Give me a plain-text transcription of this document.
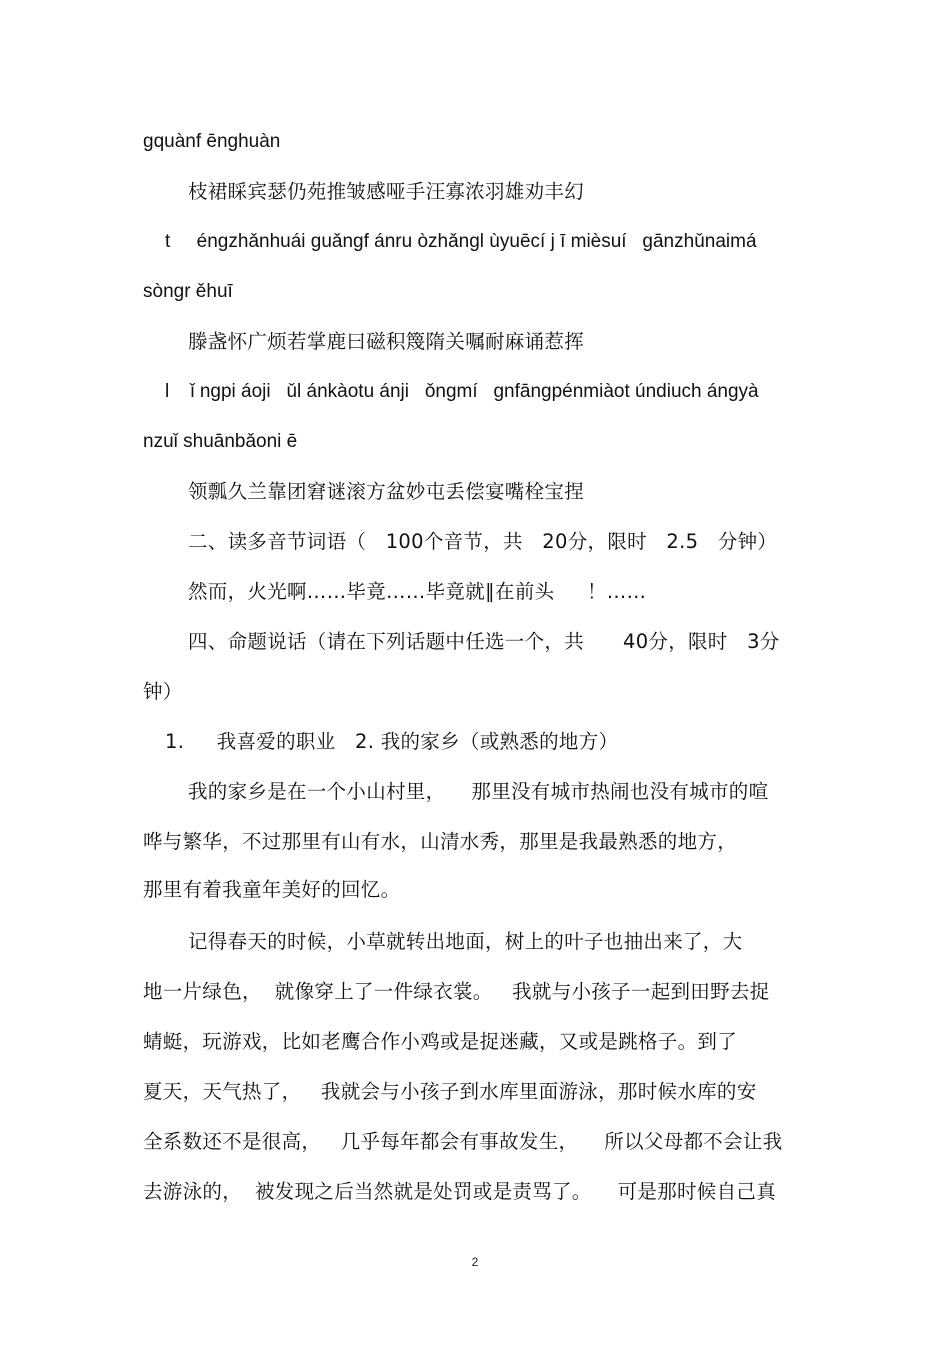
gquànf ēnghuàn
枝裙睬宾瑟仍苑推皱感哑手汪寡浓羽雄劝丰幻
t     éngzhǎnhuái guǎngf ánru òzhǎngl ùyuēcí j ī mièsuí   gānzhǔnaimá
sòngr ěhuī
滕盏怀广烦若掌鹿曰磁积篾隋关嘱耐麻诵惹挥
l    ǐ ngpi áoji   ǔl ánkàotu ánji   ǒngmí   gnfāngpénmiàot úndiuch ángyà
nzuǐ shuānbǎoni ē
领瓢久兰靠团窘谜滚方盆妙屯丢偿宴嘴栓宝捏
二、读多音节词语（   100个音节，共   20分，限时   2.5   分钟）
然而，火光啊……毕竟……毕竟就∥在前头     ！……
四、命题说话（请在下列话题中任选一个，共      40分，限时   3分
钟）
1.     我喜爱的职业   2. 我的家乡（或熟悉的地方）
我的家乡是在一个小山村里，    那里没有城市热闹也没有城市的喧
哗与繁华，不过那里有山有水，山清水秀，那里是我最熟悉的地方，
那里有着我童年美好的回忆。
记得春天的时候，小草就转出地面，树上的叶子也抽出来了，大
地一片绿色，  就像穿上了一件绿衣裳。   我就与小孩子一起到田野去捉
蜻蜓，玩游戏，比如老鹰合作小鸡或是捉迷藏，又或是跳格子。到了
夏天，天气热了，   我就会与小孩子到水库里面游泳，那时候水库的安
全系数还不是很高，   几乎每年都会有事故发生，    所以父母都不会让我
去游泳的，  被发现之后当然就是处罚或是责骂了。    可是那时候自己真
2
